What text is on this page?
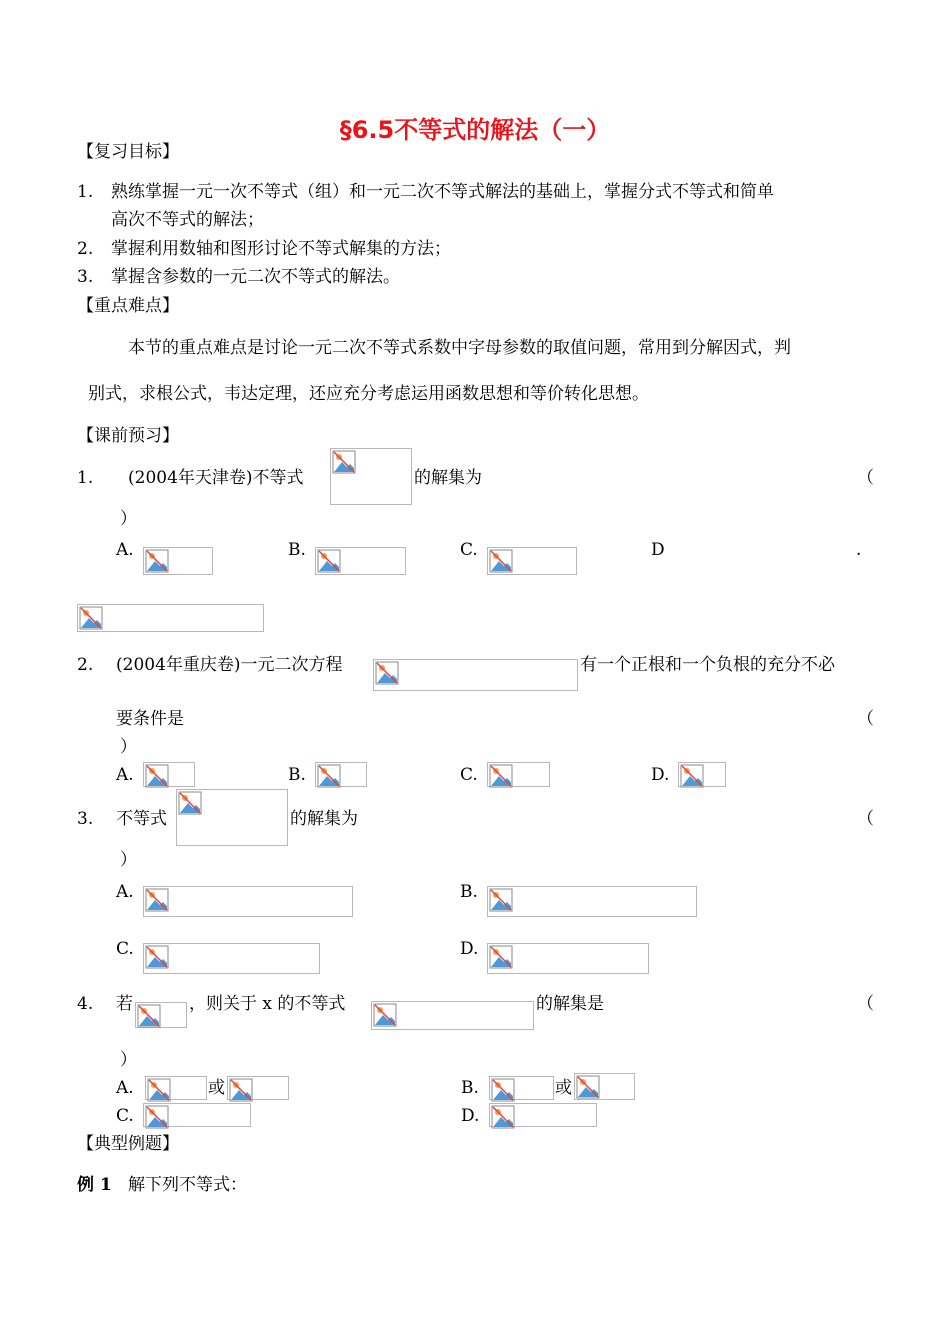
§6.5不等式的解法（一）
【复习目标】
1. 熟练掌握一元一次不等式（组）和一元二次不等式解法的基础上，掌握分式不等式和简单
高次不等式的解法；
2. 掌握利用数轴和图形讨论不等式解集的方法；
3. 掌握含参数的一元二次不等式的解法。
【重点难点】
本节的重点难点是讨论一元二次不等式系数中字母参数的取值问题，常用到分解因式，判
别式，求根公式，韦达定理，还应充分考虑运用函数思想和等价转化思想。
【课前预习】
1. (2004年天津卷)不等式	的解集为	（
）
A.	B.	C.	D	.
2. (2004年重庆卷)一元二次方程	有一个正根和一个负根的充分不必
要条件是	（
）
A.	B.	C.	D.
3. 不等式	的解集为	（
）
A.	B.
C.	D.
4. 若	，则关于 x 的不等式	的解集是	（
）
A.	或	B.	或
C.	D.
【典型例题】
例 1 解下列不等式：
